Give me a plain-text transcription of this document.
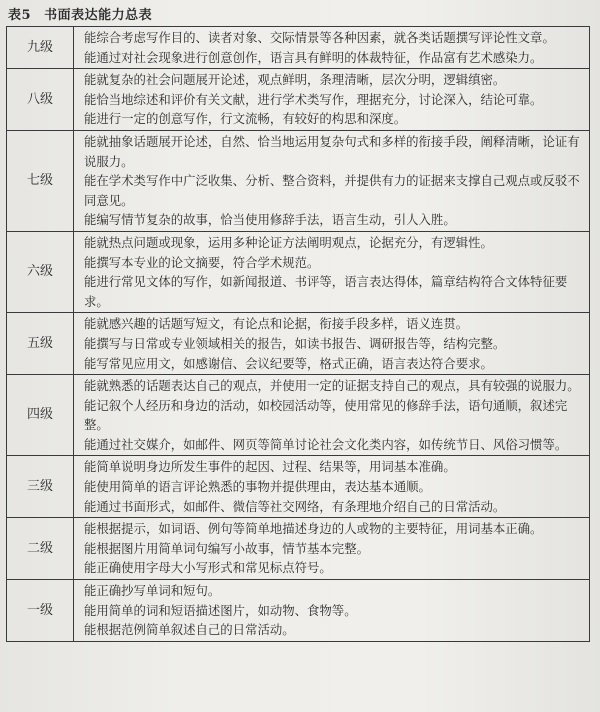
表5 书面表达能力总表
九级	能综合考虑写作目的、读者对象、交际情景等各种因素，就各类话题撰写评论性文章。
能通过对社会现象进行创意创作，语言具有鲜明的体裁特征，作品富有艺术感染力。

八级	能就复杂的社会问题展开论述，观点鲜明，条理清晰，层次分明，逻辑缜密。
能恰当地综述和评价有关文献，进行学术类写作，理据充分，讨论深入，结论可靠。
能进行一定的创意写作，行文流畅，有较好的构思和深度。

七级	能就抽象话题展开论述，自然、恰当地运用复杂句式和多样的衔接手段，阐释清晰，论证有说服力。
能在学术类写作中广泛收集、分析、整合资料，并提供有力的证据来支撑自己观点或反驳不同意见。
能编写情节复杂的故事，恰当使用修辞手法，语言生动，引人入胜。

六级	能就热点问题或现象，运用多种论证方法阐明观点，论据充分，有逻辑性。
能撰写本专业的论文摘要，符合学术规范。
能进行常见文体的写作，如新闻报道、书评等，语言表达得体，篇章结构符合文体特征要求。

五级	能就感兴趣的话题写短文，有论点和论据，衔接手段多样，语义连贯。
能撰写与日常或专业领域相关的报告，如读书报告、调研报告等，结构完整。
能写常见应用文，如感谢信、会议纪要等，格式正确，语言表达符合要求。

四级	能就熟悉的话题表达自己的观点，并使用一定的证据支持自己的观点，具有较强的说服力。
能记叙个人经历和身边的活动，如校园活动等，使用常见的修辞手法，语句通顺，叙述完整。
能通过社交媒介，如邮件、网页等简单讨论社会文化类内容，如传统节日、风俗习惯等。

三级	能简单说明身边所发生事件的起因、过程、结果等，用词基本准确。
能使用简单的语言评论熟悉的事物并提供理由，表达基本通顺。
能通过书面形式，如邮件、微信等社交网络，有条理地介绍自己的日常活动。

二级	能根据提示，如词语、例句等简单地描述身边的人或物的主要特征，用词基本正确。
能根据图片用简单词句编写小故事，情节基本完整。
能正确使用字母大小写形式和常见标点符号。

一级	能正确抄写单词和短句。
能用简单的词和短语描述图片，如动物、食物等。
能根据范例简单叙述自己的日常活动。
